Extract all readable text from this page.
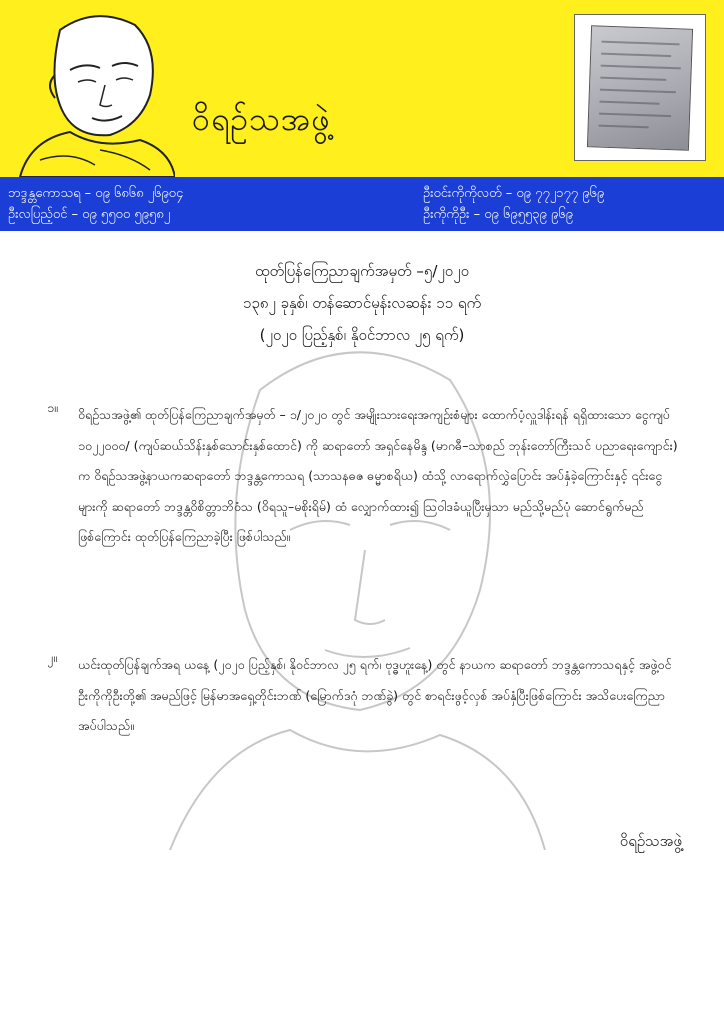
ဝိရဉ်သအဖွဲ့
ဘဒ္ဒန္တကောသရ – ၀၉ ၆၈၆၈ ၂၆၉၀၄
ဦးလပြည့်ဝင် – ၀၉ ၅၅၀၀ ၅၉၅၈၂
ဦးဝင်းကိုကိုလတ် – ၀၉ ၇၇၂၁၇၇ ၉၆၉
ဦးကိုကိုဦး – ၀၉ ၆၉၅၅၃၉ ၉၆၉
ထုတ်ပြန်ကြေညာချက်အမှတ် –၅/၂၀၂၀
၁၃၈၂ ခုနှစ်၊ တန်ဆောင်မုန်းလဆန်း ၁၁ ရက်
(၂၀၂၀ ပြည့်နှစ်၊ နိုဝင်ဘာလ ၂၅ ရက်)
၁။ ဝိရဉ်သအဖွဲ့၏ ထုတ်ပြန်ကြေညာချက်အမှတ် – ၁/၂၀၂၀ တွင် အမျိုးသားရေးအကျဉ်းစံများ ထောက်ပံ့လှူဒါန်းရန် ရရှိထားသော ငွေကျပ် ၁၀၂၂၀၀၀/ (ကျပ်ဆယ်သိန်းနှစ်သောင်းနှစ်ထောင်) ကို ဆရာတော် အရှင်နေမိန္ဒ (မာဂဓီ–သာစည် ဘုန်းတော်ကြီးသင် ပညာရေးကျောင်း) က ဝိရဉ်သအဖွဲ့နာယကဆရာတော် ဘဒ္ဒန္တကောသရ (သာသနဓဇ ဓမ္မာစရိယ) ထံသို့ လာရောက်လွှဲပြောင်း အပ်နှံခဲ့ကြောင်းနှင့် ၎င်းငွေများကို ဆရာတော် ဘဒ္ဒန္တဝိစိတ္တာဘိဝံသ (ဝိရသူ–မစိုးရိမ်) ထံ လျှောက်ထား၍ သြဝါဒခံယူပြီးမှသာ မည်သို့မည်ပုံ ဆောင်ရွက်မည်ဖြစ်ကြောင်း ထုတ်ပြန်ကြေညာခဲ့ပြီး ဖြစ်ပါသည်။
၂။ ယင်းထုတ်ပြန်ချက်အရ ယနေ့ (၂၀၂၀ ပြည့်နှစ်၊ နိုဝင်ဘာလ ၂၅ ရက်၊ ဗုဒ္ဓဟူးနေ့) တွင် နာယက ဆရာတော် ဘဒ္ဒန္တကောသရနှင့် အဖွဲ့ဝင် ဦးကိုကိုဦးတို့၏ အမည်ဖြင့် မြန်မာအရှေ့တိုင်းဘဏ် (မြောက်ဒဂုံ ဘဏ်ခွဲ) တွင် စာရင်းဖွင့်လှစ် အပ်နှံပြီးဖြစ်ကြောင်း အသိပေးကြေညာအပ်ပါသည်။
ဝိရဉ်သအဖွဲ့
